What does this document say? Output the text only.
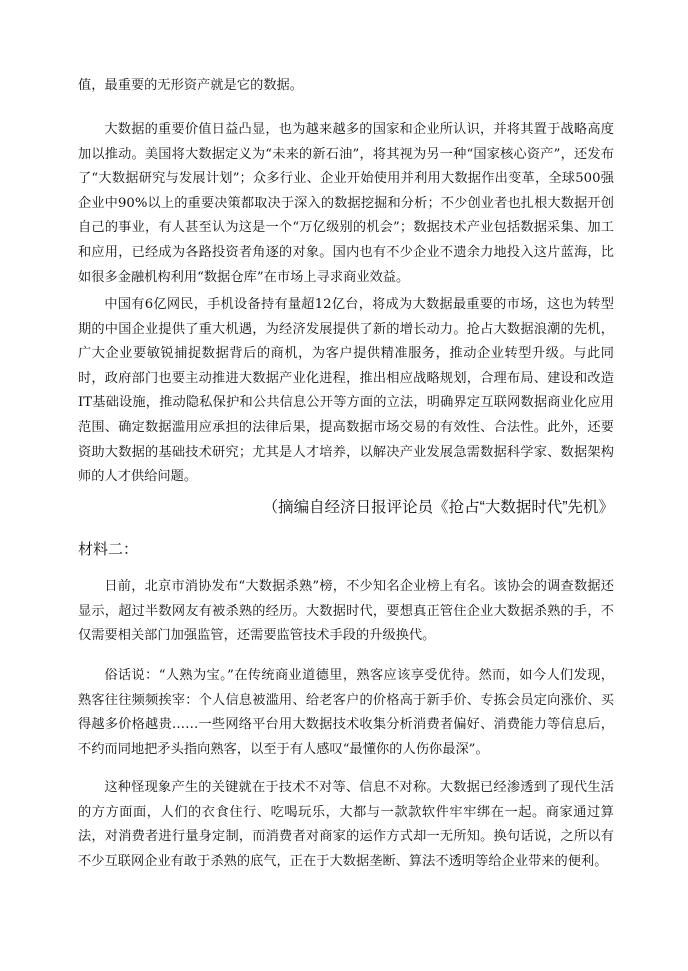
值，最重要的无形资产就是它的数据。

大数据的重要价值日益凸显，也为越来越多的国家和企业所认识，并将其置于战略高度加以推动。美国将大数据定义为“未来的新石油”，将其视为另一种“国家核心资产”，还发布了“大数据研究与发展计划”；众多行业、企业开始使用并利用大数据作出变革，全球500强企业中90%以上的重要决策都取决于深入的数据挖掘和分析；不少创业者也扎根大数据开创自己的事业，有人甚至认为这是一个“万亿级别的机会”；数据技术产业包括数据采集、加工和应用，已经成为各路投资者角逐的对象。国内也有不少企业不遗余力地投入这片蓝海，比如很多金融机构利用“数据仓库”在市场上寻求商业效益。

中国有6亿网民，手机设备持有量超12亿台，将成为大数据最重要的市场，这也为转型期的中国企业提供了重大机遇，为经济发展提供了新的增长动力。抢占大数据浪潮的先机，广大企业要敏锐捕捉数据背后的商机，为客户提供精准服务，推动企业转型升级。与此同时，政府部门也要主动推进大数据产业化进程，推出相应战略规划，合理布局、建设和改造IT基础设施，推动隐私保护和公共信息公开等方面的立法，明确界定互联网数据商业化应用范围、确定数据滥用应承担的法律后果，提高数据市场交易的有效性、合法性。此外，还要资助大数据的基础技术研究；尤其是人才培养，以解决产业发展急需数据科学家、数据架构师的人才供给问题。

（摘编自经济日报评论员《抢占“大数据时代”先机》
材料二：

日前，北京市消协发布“大数据杀熟”榜，不少知名企业榜上有名。该协会的调查数据还显示，超过半数网友有被杀熟的经历。大数据时代，要想真正管住企业大数据杀熟的手，不仅需要相关部门加强监管，还需要监管技术手段的升级换代。

俗话说：“人熟为宝。”在传统商业道德里，熟客应该享受优待。然而，如今人们发现，熟客往往频频挨宰：个人信息被滥用、给老客户的价格高于新手价、专拣会员定向涨价、买得越多价格越贵……一些网络平台用大数据技术收集分析消费者偏好、消费能力等信息后，不约而同地把矛头指向熟客，以至于有人感叹“最懂你的人伤你最深”。

这种怪现象产生的关键就在于技术不对等、信息不对称。大数据已经渗透到了现代生活的方方面面，人们的衣食住行、吃喝玩乐，大都与一款款软件牢牢绑在一起。商家通过算法，对消费者进行量身定制，而消费者对商家的运作方式却一无所知。换句话说，之所以有不少互联网企业有敢于杀熟的底气，正在于大数据垄断、算法不透明等给企业带来的便利。
